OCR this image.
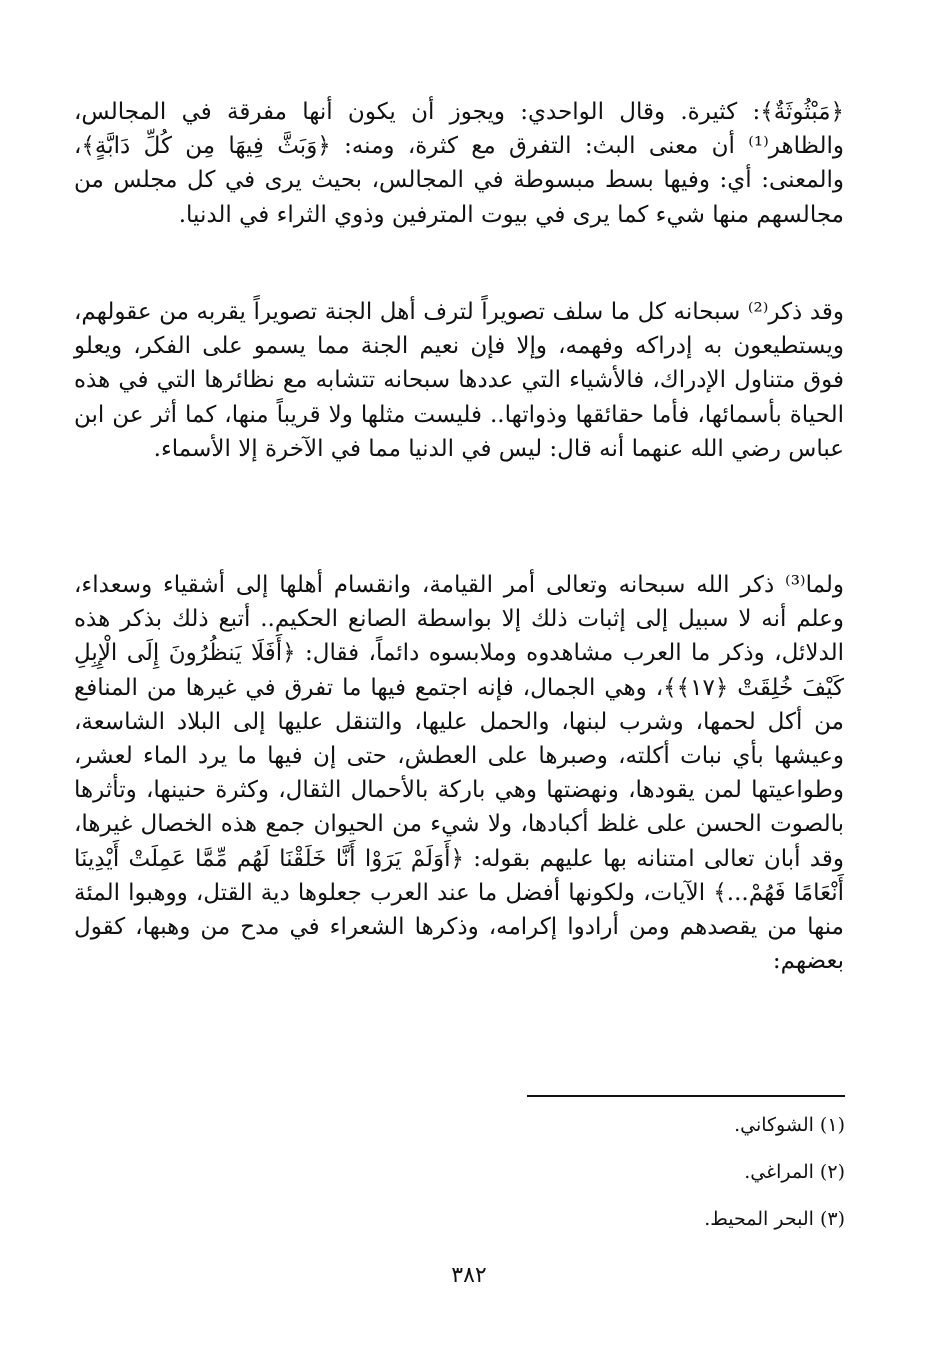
﴿مَبْثُوثَةٌ﴾: كثيرة. وقال الواحدي: ويجوز أن يكون أنها مفرقة في المجالس، والظاهر⁽¹⁾ أن معنى البث: التفرق مع كثرة، ومنه: ﴿وَبَثَّ فِيهَا مِن كُلِّ دَابَّةٍ﴾، والمعنى: أي: وفيها بسط مبسوطة في المجالس، بحيث يرى في كل مجلس من مجالسهم منها شيء كما يرى في بيوت المترفين وذوي الثراء في الدنيا.

وقد ذكر⁽²⁾ سبحانه كل ما سلف تصويراً لترف أهل الجنة تصويراً يقربه من عقولهم، ويستطيعون به إدراكه وفهمه، وإلا فإن نعيم الجنة مما يسمو على الفكر، ويعلو فوق متناول الإدراك، فالأشياء التي عددها سبحانه تتشابه مع نظائرها التي في هذه الحياة بأسمائها، فأما حقائقها وذواتها.. فليست مثلها ولا قريباً منها، كما أثر عن ابن عباس رضي الله عنهما أنه قال: ليس في الدنيا مما في الآخرة إلا الأسماء.

ولما⁽³⁾ ذكر الله سبحانه وتعالى أمر القيامة، وانقسام أهلها إلى أشقياء وسعداء، وعلم أنه لا سبيل إلى إثبات ذلك إلا بواسطة الصانع الحكيم.. أتبع ذلك بذكر هذه الدلائل، وذكر ما العرب مشاهدوه وملابسوه دائماً، فقال: ﴿أَفَلَا يَنظُرُونَ إِلَى الْإِبِلِ كَيْفَ خُلِقَتْ ﴿١٧﴾﴾، وهي الجمال، فإنه اجتمع فيها ما تفرق في غيرها من المنافع من أكل لحمها، وشرب لبنها، والحمل عليها، والتنقل عليها إلى البلاد الشاسعة، وعيشها بأي نبات أكلته، وصبرها على العطش، حتى إن فيها ما يرد الماء لعشر، وطواعيتها لمن يقودها، ونهضتها وهي باركة بالأحمال الثقال، وكثرة حنينها، وتأثرها بالصوت الحسن على غلظ أكبادها، ولا شيء من الحيوان جمع هذه الخصال غيرها، وقد أبان تعالى امتنانه بها عليهم بقوله: ﴿أَوَلَمْ يَرَوْا أَنَّا خَلَقْنَا لَهُم مِّمَّا عَمِلَتْ أَيْدِينَا أَنْعَامًا فَهُمْ...﴾ الآيات، ولكونها أفضل ما عند العرب جعلوها دية القتل، ووهبوا المئة منها من يقصدهم ومن أرادوا إكرامه، وذكرها الشعراء في مدح من وهبها، كقول بعضهم:

(١) الشوكاني.
(٢) المراغي.
(٣) البحر المحيط.
٣٨٢
